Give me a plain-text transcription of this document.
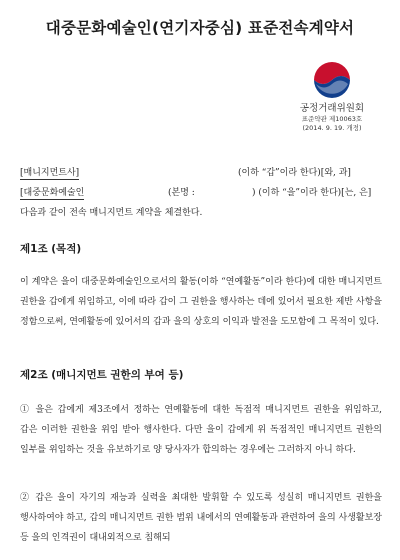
대중문화예술인(연기자중심) 표준전속계약서
공정거래위원회
표준약관 제10063호
(2014. 9. 19. 개정)
[매니지먼트사]	(이하 “갑”이라 한다)[와, 과]
[대중문화예술인	(본명 :	) (이하 “을”이라 한다)[는, 은]
다음과 같이 전속 매니지먼트 계약을 체결한다.
제1조 (목적)
이 계약은 을이 대중문화예술인으로서의 활동(이하 “연예활동”이라 한다)에 대한 매니지먼트 권한을 갑에게 위임하고, 이에 따라 갑이 그 권한을 행사하는 데에 있어서 필요한 제반 사항을 정함으로써, 연예활동에 있어서의 갑과 을의 상호의 이익과 발전을 도모함에 그 목적이 있다.
제2조 (매니지먼트 권한의 부여 등)
① 을은 갑에게 제3조에서 정하는 연예활동에 대한 독점적 매니지먼트 권한을 위임하고, 갑은 이러한 권한을 위임 받아 행사한다. 다만 을이 갑에게 위 독점적인 매니지먼트 권한의 일부를 위임하는 것을 유보하기로 양 당사자가 합의하는 경우에는 그러하지 아니 하다.
② 갑은 을이 자기의 재능과 실력을 최대한 발휘할 수 있도록 성실히 매니지먼트 권한을 행사하여야 하고, 갑의 매니지먼트 권한 범위 내에서의 연예활동과 관련하여 을의 사생활보장 등 을의 인격권이 대내외적으로 침해되
